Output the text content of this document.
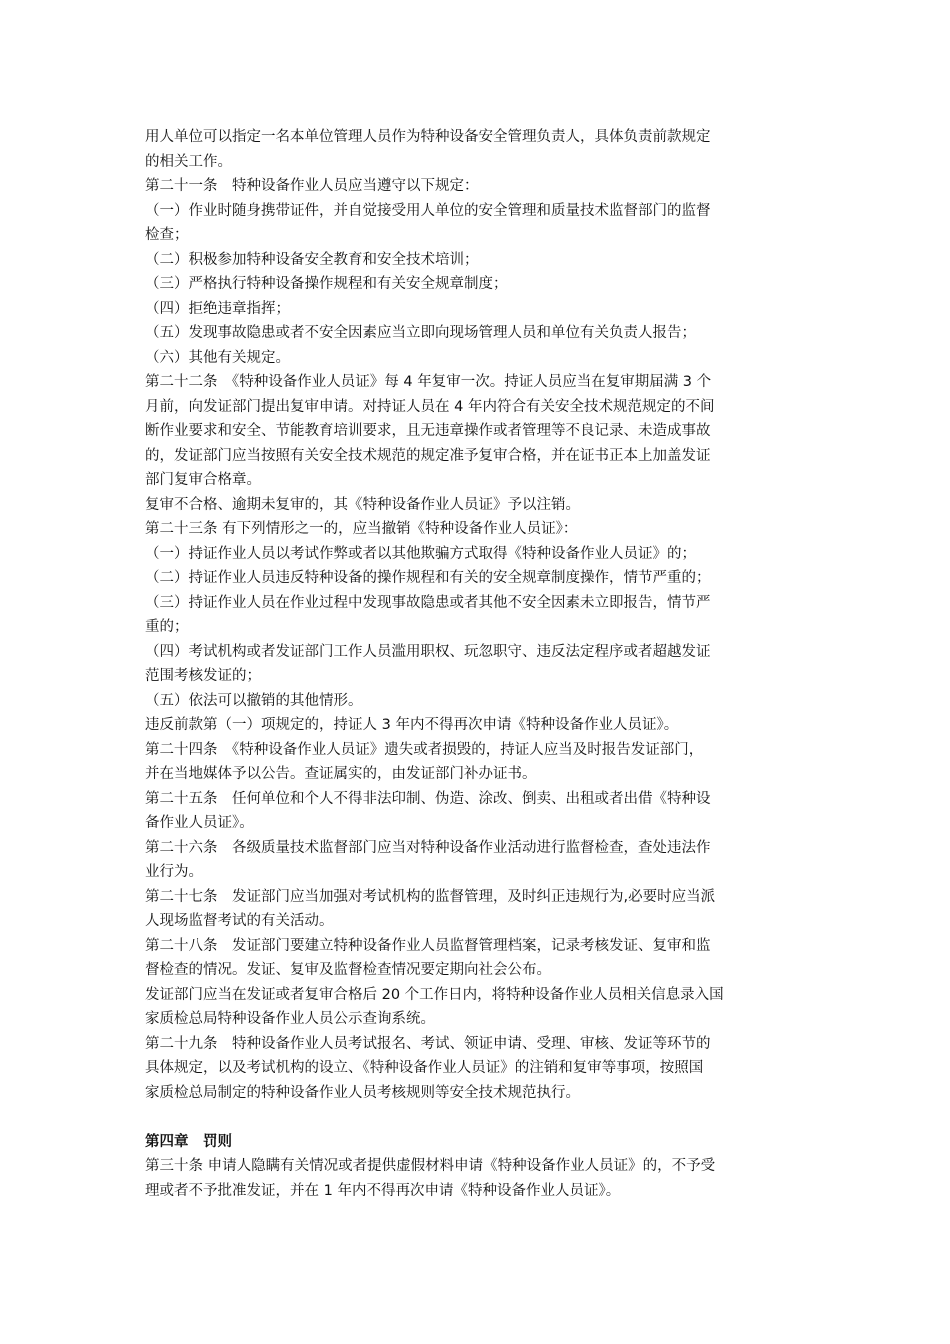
用人单位可以指定一名本单位管理人员作为特种设备安全管理负责人，具体负责前款规定
的相关工作。
第二十一条　特种设备作业人员应当遵守以下规定：
（一）作业时随身携带证件，并自觉接受用人单位的安全管理和质量技术监督部门的监督
检查；
（二）积极参加特种设备安全教育和安全技术培训；
（三）严格执行特种设备操作规程和有关安全规章制度；
（四）拒绝违章指挥；
（五）发现事故隐患或者不安全因素应当立即向现场管理人员和单位有关负责人报告；
（六）其他有关规定。
第二十二条　《特种设备作业人员证》每 4 年复审一次。持证人员应当在复审期届满 3 个
月前，向发证部门提出复审申请。对持证人员在 4 年内符合有关安全技术规范规定的不间
断作业要求和安全、节能教育培训要求，且无违章操作或者管理等不良记录、未造成事故
的，发证部门应当按照有关安全技术规范的规定准予复审合格，并在证书正本上加盖发证
部门复审合格章。
复审不合格、逾期未复审的，其《特种设备作业人员证》予以注销。
第二十三条 有下列情形之一的，应当撤销《特种设备作业人员证》：
（一）持证作业人员以考试作弊或者以其他欺骗方式取得《特种设备作业人员证》的；
（二）持证作业人员违反特种设备的操作规程和有关的安全规章制度操作，情节严重的；
（三）持证作业人员在作业过程中发现事故隐患或者其他不安全因素未立即报告，情节严
重的；
（四）考试机构或者发证部门工作人员滥用职权、玩忽职守、违反法定程序或者超越发证
范围考核发证的；
（五）依法可以撤销的其他情形。
违反前款第（一）项规定的，持证人 3 年内不得再次申请《特种设备作业人员证》。
第二十四条　《特种设备作业人员证》遗失或者损毁的，持证人应当及时报告发证部门，
并在当地媒体予以公告。查证属实的，由发证部门补办证书。
第二十五条　任何单位和个人不得非法印制、伪造、涂改、倒卖、出租或者出借《特种设
备作业人员证》。
第二十六条　各级质量技术监督部门应当对特种设备作业活动进行监督检查，查处违法作
业行为。
第二十七条　发证部门应当加强对考试机构的监督管理，及时纠正违规行为,必要时应当派
人现场监督考试的有关活动。
第二十八条　发证部门要建立特种设备作业人员监督管理档案，记录考核发证、复审和监
督检查的情况。发证、复审及监督检查情况要定期向社会公布。
发证部门应当在发证或者复审合格后 20 个工作日内，将特种设备作业人员相关信息录入国
家质检总局特种设备作业人员公示查询系统。
第二十九条　特种设备作业人员考试报名、考试、领证申请、受理、审核、发证等环节的
具体规定，以及考试机构的设立、《特种设备作业人员证》的注销和复审等事项，按照国
家质检总局制定的特种设备作业人员考核规则等安全技术规范执行。
第四章　罚则
第三十条 申请人隐瞒有关情况或者提供虚假材料申请《特种设备作业人员证》的，不予受
理或者不予批准发证，并在 1 年内不得再次申请《特种设备作业人员证》。
